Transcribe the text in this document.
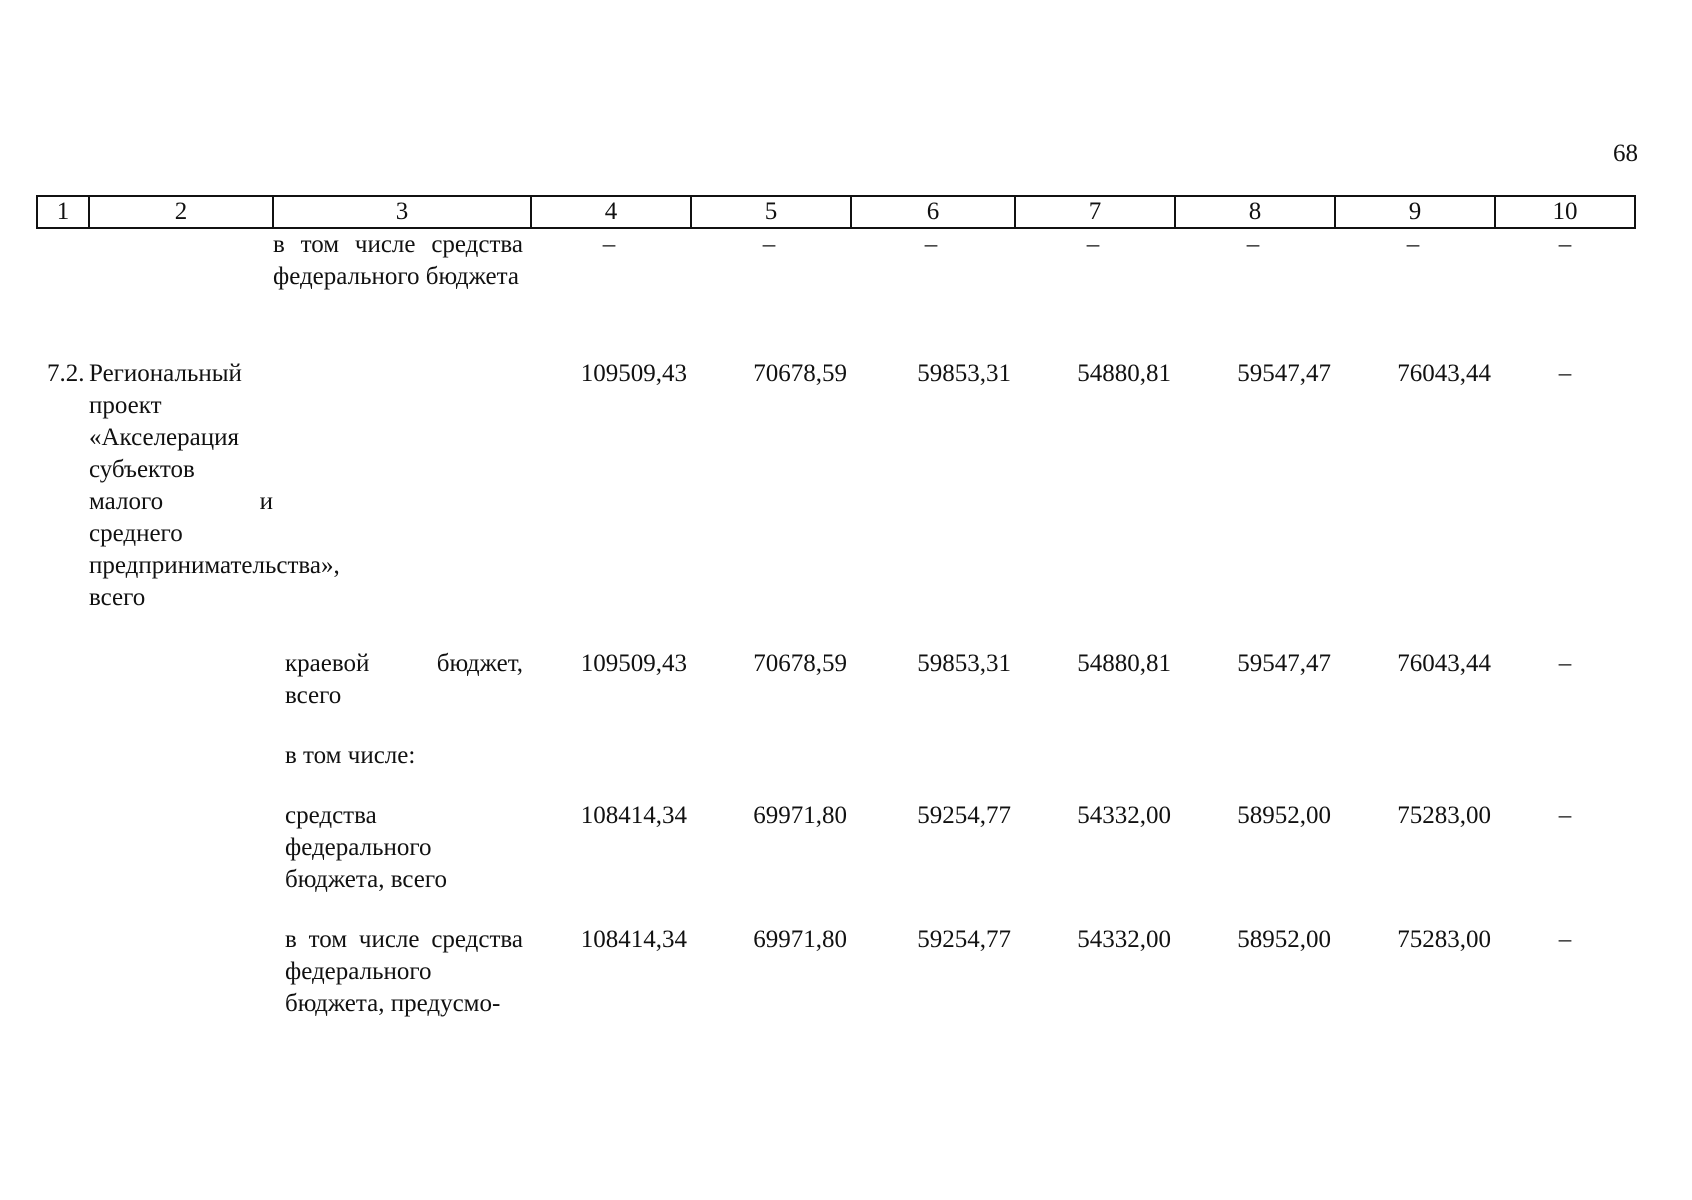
68
1	2	3	4	5	6	7	8	9	10
		в том числе средства федерального бюджета	–	–	–	–	–	–	–
7.2.	Региональный проект «Акселерация субъектов малого и среднего предпринимательства», всего		109509,43	70678,59	59853,31	54880,81	59547,47	76043,44	–
		краевой бюджет, всего	109509,43	70678,59	59853,31	54880,81	59547,47	76043,44	–
		в том числе:							
		средства федерального бюджета, всего	108414,34	69971,80	59254,77	54332,00	58952,00	75283,00	–
		в том числе средства федерального бюджета, предусмо-	108414,34	69971,80	59254,77	54332,00	58952,00	75283,00	–
